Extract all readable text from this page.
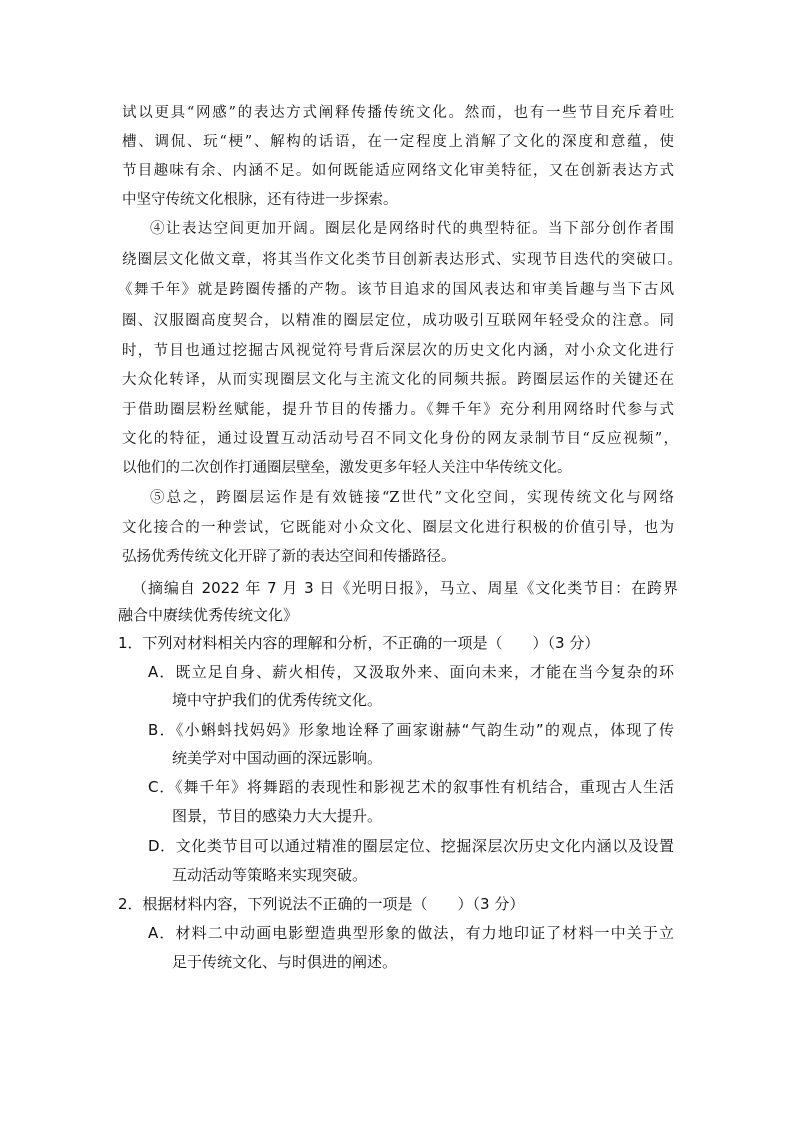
试以更具“网感”的表达方式阐释传播传统文化。然而，也有一些节目充斥着吐
槽、调侃、玩“梗”、解构的话语，在一定程度上消解了文化的深度和意蕴，使
节目趣味有余、内涵不足。如何既能适应网络文化审美特征，又在创新表达方式
中坚守传统文化根脉，还有待进一步探索。
④让表达空间更加开阔。圈层化是网络时代的典型特征。当下部分创作者围
绕圈层文化做文章，将其当作文化类节目创新表达形式、实现节目迭代的突破口。
《舞千年》就是跨圈传播的产物。该节目追求的国风表达和审美旨趣与当下古风
圈、汉服圈高度契合，以精准的圈层定位，成功吸引互联网年轻受众的注意。同
时，节目也通过挖掘古风视觉符号背后深层次的历史文化内涵，对小众文化进行
大众化转译，从而实现圈层文化与主流文化的同频共振。跨圈层运作的关键还在
于借助圈层粉丝赋能，提升节目的传播力。《舞千年》充分利用网络时代参与式
文化的特征，通过设置互动活动号召不同文化身份的网友录制节目“反应视频”，
以他们的二次创作打通圈层壁垒，激发更多年轻人关注中华传统文化。
⑤总之，跨圈层运作是有效链接“Z世代”文化空间，实现传统文化与网络
文化接合的一种尝试，它既能对小众文化、圈层文化进行积极的价值引导，也为
弘扬优秀传统文化开辟了新的表达空间和传播路径。
（摘编自 2022 年 7 月 3 日《光明日报》，马立、周星《文化类节目：在跨界
融合中赓续优秀传统文化》
1．下列对材料相关内容的理解和分析，不正确的一项是（　　）（3 分）
A．既立足自身、薪火相传，又汲取外来、面向未来，才能在当今复杂的环
境中守护我们的优秀传统文化。
B．《小蝌蚪找妈妈》形象地诠释了画家谢赫“气韵生动”的观点，体现了传
统美学对中国动画的深远影响。
C．《舞千年》将舞蹈的表现性和影视艺术的叙事性有机结合，重现古人生活
图景，节目的感染力大大提升。
D．文化类节目可以通过精准的圈层定位、挖掘深层次历史文化内涵以及设置
互动活动等策略来实现突破。
2．根据材料内容，下列说法不正确的一项是（　　）（3 分）
A．材料二中动画电影塑造典型形象的做法，有力地印证了材料一中关于立
足于传统文化、与时俱进的阐述。
